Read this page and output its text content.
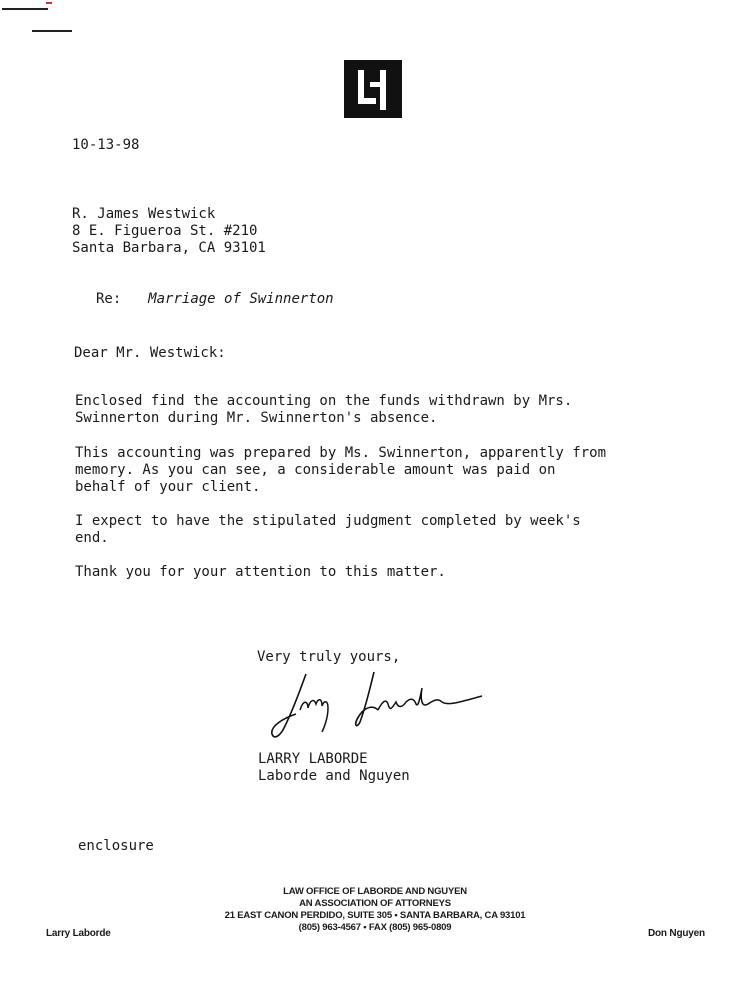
10-13-98
R. James Westwick
8 E. Figueroa St. #210
Santa Barbara, CA 93101
Re: Marriage of Swinnerton
Dear Mr. Westwick:
Enclosed find the accounting on the funds withdrawn by Mrs.
Swinnerton during Mr. Swinnerton's absence.
This accounting was prepared by Ms. Swinnerton, apparently from
memory. As you can see, a considerable amount was paid on
behalf of your client.
I expect to have the stipulated judgment completed by week's
end.
Thank you for your attention to this matter.
Very truly yours,
LARRY LABORDE
Laborde and Nguyen
enclosure
LAW OFFICE OF LABORDE AND NGUYEN
AN ASSOCIATION OF ATTORNEYS
21 EAST CANON PERDIDO, SUITE 305 • SANTA BARBARA, CA 93101
(805) 963-4567 • FAX (805) 965-0809
Larry Laborde	Don Nguyen
